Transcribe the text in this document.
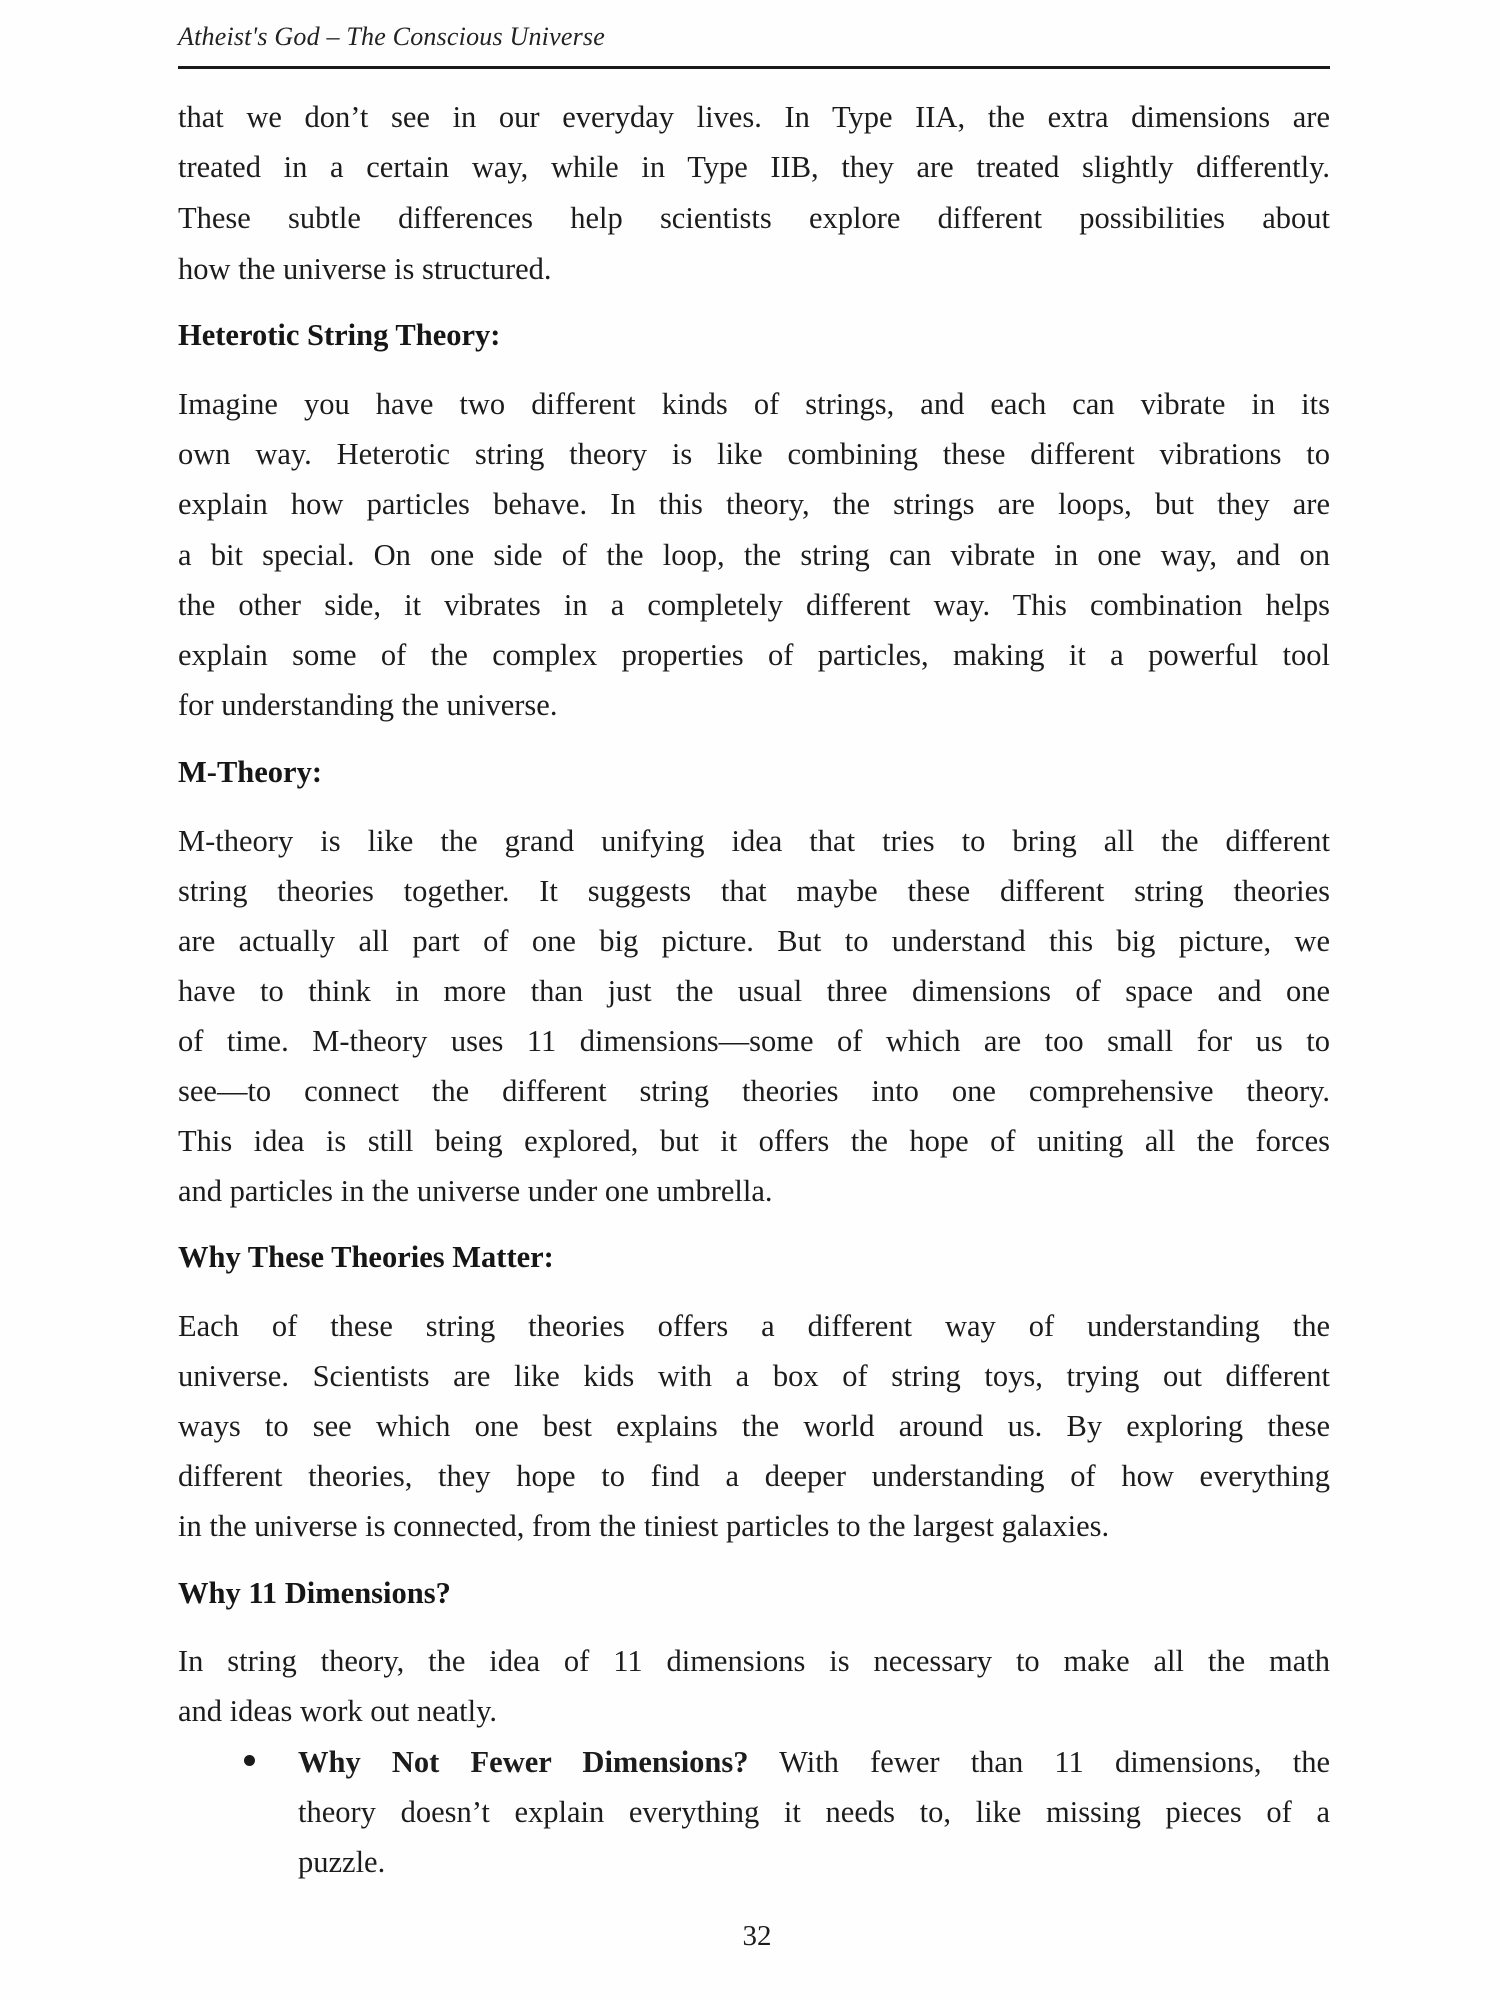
Atheist's God – The Conscious Universe
that we don’t see in our everyday lives. In Type IIA, the extra dimensions are
treated in a certain way, while in Type IIB, they are treated slightly differently.
These subtle differences help scientists explore different possibilities about
how the universe is structured.
Heterotic String Theory:
Imagine you have two different kinds of strings, and each can vibrate in its
own way. Heterotic string theory is like combining these different vibrations to
explain how particles behave. In this theory, the strings are loops, but they are
a bit special. On one side of the loop, the string can vibrate in one way, and on
the other side, it vibrates in a completely different way. This combination helps
explain some of the complex properties of particles, making it a powerful tool
for understanding the universe.
M-Theory:
M-theory is like the grand unifying idea that tries to bring all the different
string theories together. It suggests that maybe these different string theories
are actually all part of one big picture. But to understand this big picture, we
have to think in more than just the usual three dimensions of space and one
of time. M-theory uses 11 dimensions—some of which are too small for us to
see—to connect the different string theories into one comprehensive theory.
This idea is still being explored, but it offers the hope of uniting all the forces
and particles in the universe under one umbrella.
Why These Theories Matter:
Each of these string theories offers a different way of understanding the
universe. Scientists are like kids with a box of string toys, trying out different
ways to see which one best explains the world around us. By exploring these
different theories, they hope to find a deeper understanding of how everything
in the universe is connected, from the tiniest particles to the largest galaxies.
Why 11 Dimensions?
In string theory, the idea of 11 dimensions is necessary to make all the math
and ideas work out neatly.
Why Not Fewer Dimensions? With fewer than 11 dimensions, the
theory doesn’t explain everything it needs to, like missing pieces of a
puzzle.
32
